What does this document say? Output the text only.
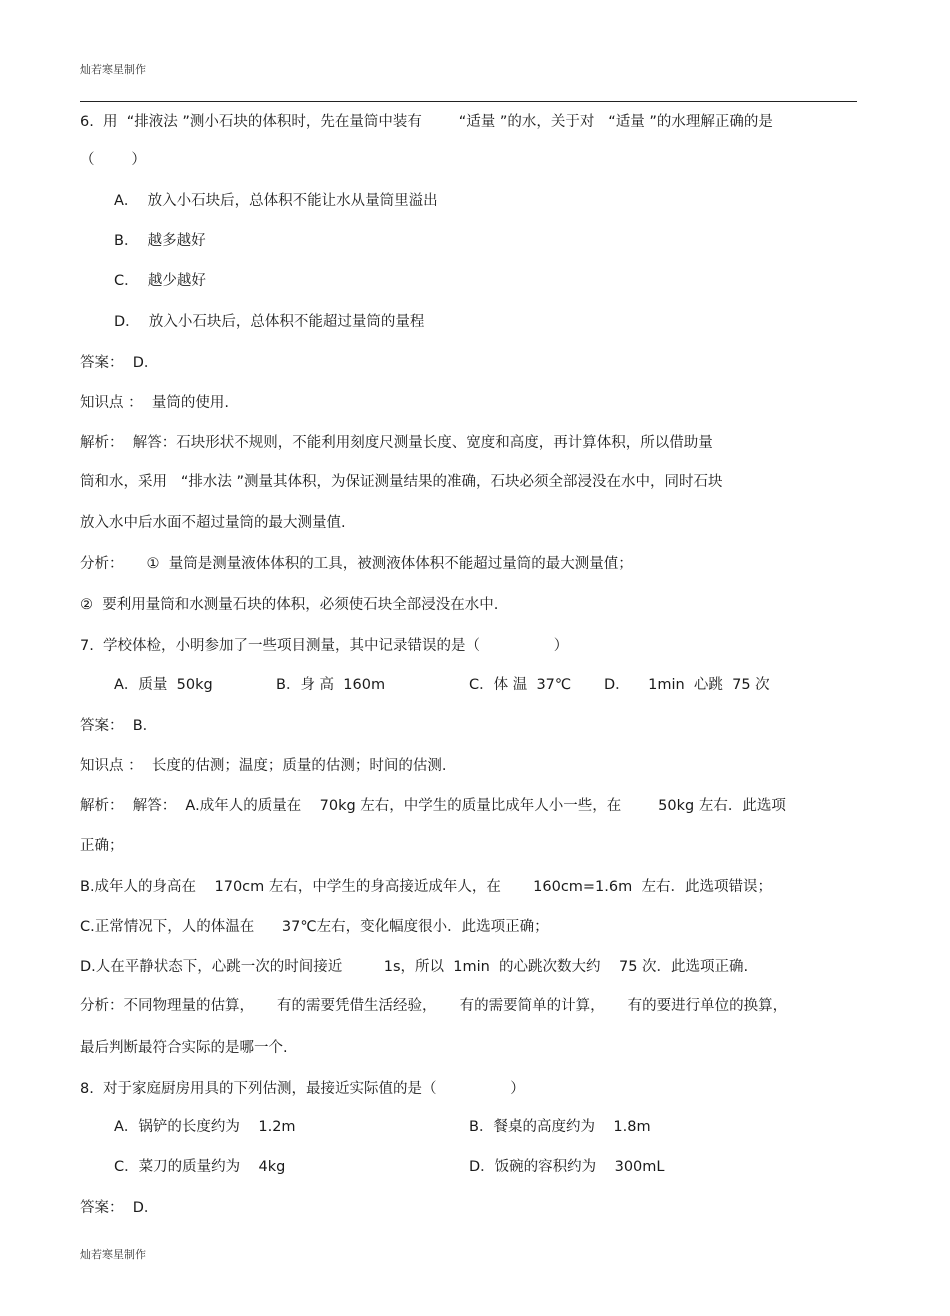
灿若寒星制作
6.  用  “排液法 ”测小石块的体积时，先在量筒中装有        “适量 ”的水，关于对   “适量 ”的水理解正确的是
（        ）
A．  放入小石块后，总体积不能让水从量筒里溢出
B．  越多越好
C．  越少越好
D．  放入小石块后，总体积不能超过量筒的量程
答案：  D．
知识点 ：  量筒的使用.
解析：  解答：石块形状不规则，不能利用刻度尺测量长度、宽度和高度，再计算体积，所以借助量
筒和水，采用   “排水法 ”测量其体积，为保证测量结果的准确，石块必须全部浸没在水中，同时石块
放入水中后水面不超过量筒的最大测量值.
分析：     ①  量筒是测量液体体积的工具，被测液体体积不能超过量筒的最大测量值；
②  要利用量筒和水测量石块的体积，必须使石块全部浸没在水中.
7.  学校体检，小明参加了一些项目测量，其中记录错误的是（                ）
A．质量  50kg	B．身 高  160m	C．体 温  37℃ D．    1min  心跳  75 次
答案：  B．
知识点 ：  长度的估测；温度；质量的估测；时间的估测.
解析：  解答：  A.成年人的质量在    70kg 左右，中学生的质量比成年人小一些，在        50kg 左右．此选项
正确；
B.成年人的身高在    170cm 左右，中学生的身高接近成年人，在       160cm=1.6m  左右．此选项错误；
C.正常情况下，人的体温在      37℃左右，变化幅度很小．此选项正确；
D.人在平静状态下，心跳一次的时间接近         1s，所以  1min  的心跳次数大约    75 次．此选项正确.
分析：不同物理量的估算，     有的需要凭借生活经验，     有的需要简单的计算，     有的要进行单位的换算，
最后判断最符合实际的是哪一个.
8.  对于家庭厨房用具的下列估测，最接近实际值的是（                ）
A．锅铲的长度约为    1.2m	B．餐桌的高度约为    1.8m
C．菜刀的质量约为    4kg	D．饭碗的容积约为    300mL
答案：  D．
灿若寒星制作
